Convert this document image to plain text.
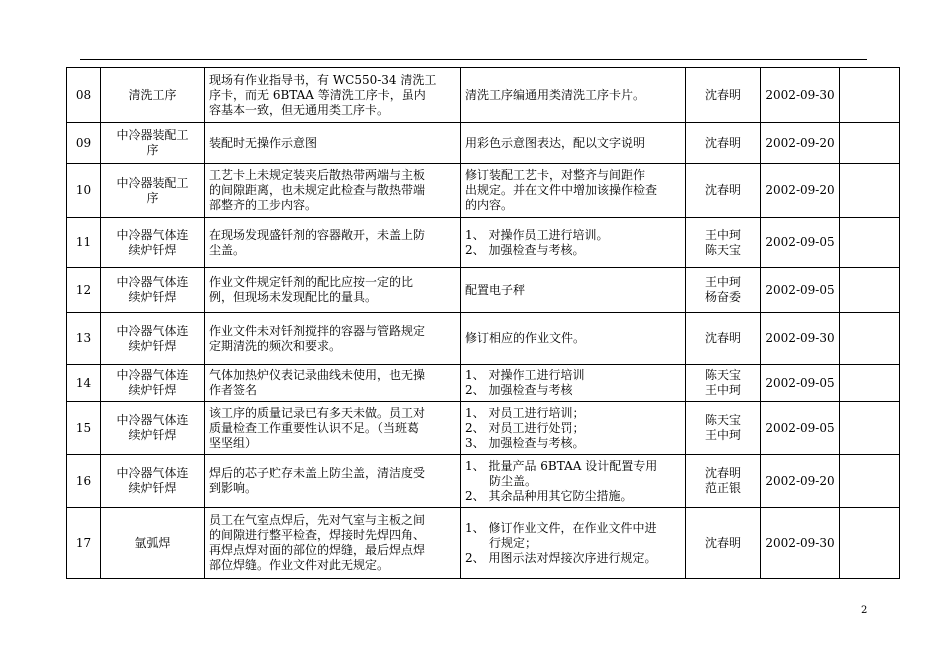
08	清洗工序	现场有作业指导书，有 WC550-34 清洗工
序卡，而无 6BTAA 等清洗工序卡，虽内
容基本一致，但无通用类工序卡。	清洗工序编通用类清洗工序卡片。	沈春明	2002-09-30	
09	中冷器装配工
序	装配时无操作示意图	用彩色示意图表达，配以文字说明	沈春明	2002-09-20	
10	中冷器装配工
序	工艺卡上未规定装夹后散热带两端与主板
的间隙距离，也未规定此检查与散热带端
部整齐的工步内容。	修订装配工艺卡，对整齐与间距作
出规定。并在文件中增加该操作检查
的内容。	沈春明	2002-09-20	
11	中冷器气体连
续炉钎焊	在现场发现盛钎剂的容器敞开，未盖上防
尘盖。	1、 对操作员工进行培训。
2、 加强检查与考核。	王中珂
陈天宝	2002-09-05	
12	中冷器气体连
续炉钎焊	作业文件规定钎剂的配比应按一定的比
例，但现场未发现配比的量具。	配置电子秤	王中珂
杨奋委	2002-09-05	
13	中冷器气体连
续炉钎焊	作业文件未对钎剂搅拌的容器与管路规定
定期清洗的频次和要求。	修订相应的作业文件。	沈春明	2002-09-30	
14	中冷器气体连
续炉钎焊	气体加热炉仪表记录曲线未使用，也无操
作者签名	1、 对操作工进行培训
2、 加强检查与考核	陈天宝
王中珂	2002-09-05	
15	中冷器气体连
续炉钎焊	该工序的质量记录已有多天未做。员工对
质量检查工作重要性认识不足。（当班葛
坚坚组）	1、 对员工进行培训；
2、 对员工进行处罚；
3、 加强检查与考核。	陈天宝
王中珂	2002-09-05	
16	中冷器气体连
续炉钎焊	焊后的芯子贮存未盖上防尘盖，清洁度受
到影响。	1、 批量产品 6BTAA 设计配置专用
　　防尘盖。
2、 其余品种用其它防尘措施。	沈春明
范正银	2002-09-20	
17	氩弧焊	员工在气室点焊后，先对气室与主板之间
的间隙进行整平检查，焊接时先焊四角、
再焊点焊对面的部位的焊缝，最后焊点焊
部位焊缝。作业文件对此无规定。	1、 修订作业文件，在作业文件中进
　　行规定；
2、 用图示法对焊接次序进行规定。	沈春明	2002-09-30	
2
